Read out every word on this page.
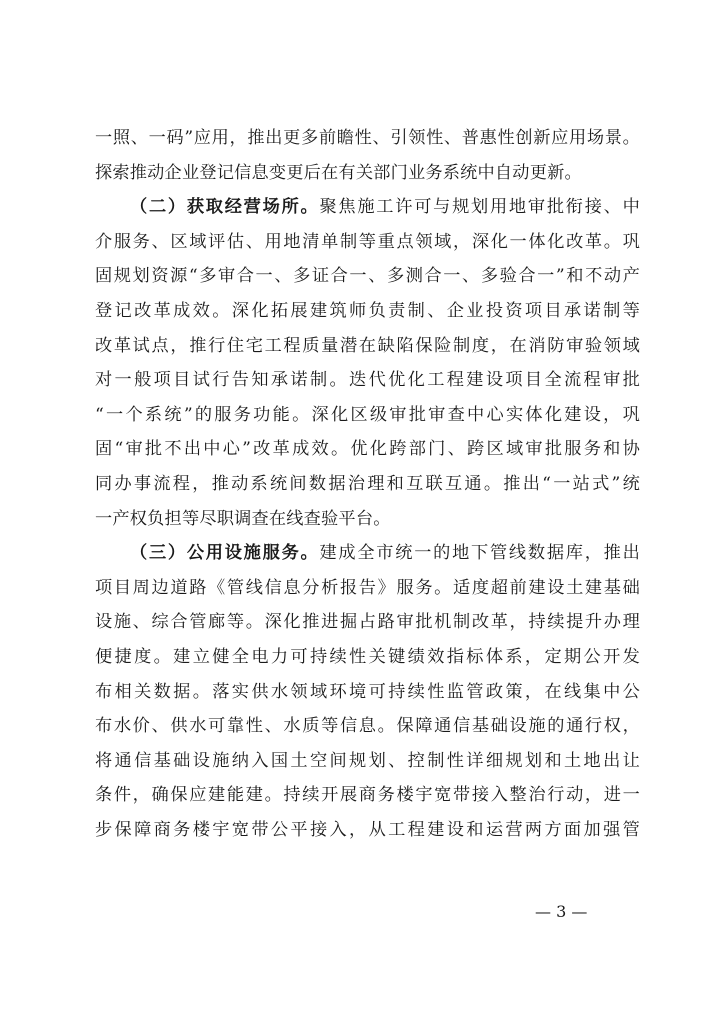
一照、一码”应用，推出更多前瞻性、引领性、普惠性创新应用场景。
探索推动企业登记信息变更后在有关部门业务系统中自动更新。
（二）获取经营场所。聚焦施工许可与规划用地审批衔接、中
介服务、区域评估、用地清单制等重点领域，深化一体化改革。巩
固规划资源“多审合一、多证合一、多测合一、多验合一”和不动产
登记改革成效。深化拓展建筑师负责制、企业投资项目承诺制等
改革试点，推行住宅工程质量潜在缺陷保险制度，在消防审验领域
对一般项目试行告知承诺制。迭代优化工程建设项目全流程审批
“一个系统”的服务功能。深化区级审批审查中心实体化建设，巩
固“审批不出中心”改革成效。优化跨部门、跨区域审批服务和协
同办事流程，推动系统间数据治理和互联互通。推出“一站式”统
一产权负担等尽职调查在线查验平台。
（三）公用设施服务。建成全市统一的地下管线数据库，推出
项目周边道路《管线信息分析报告》服务。适度超前建设土建基础
设施、综合管廊等。深化推进掘占路审批机制改革，持续提升办理
便捷度。建立健全电力可持续性关键绩效指标体系，定期公开发
布相关数据。落实供水领域环境可持续性监管政策，在线集中公
布水价、供水可靠性、水质等信息。保障通信基础设施的通行权，
将通信基础设施纳入国土空间规划、控制性详细规划和土地出让
条件，确保应建能建。持续开展商务楼宇宽带接入整治行动，进一
步保障商务楼宇宽带公平接入，从工程建设和运营两方面加强管
— 3 —
